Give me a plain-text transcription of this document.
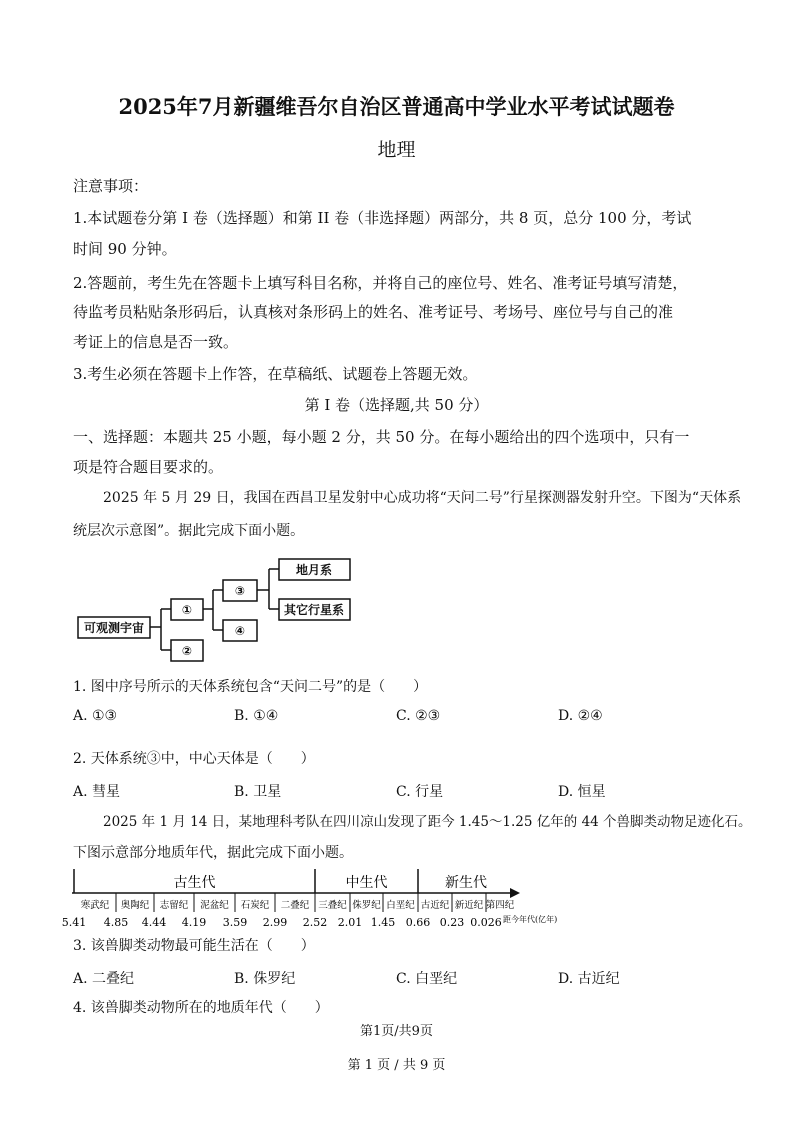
2025年7月新疆维吾尔自治区普通高中学业水平考试试题卷
地理
注意事项：
1.本试题卷分第 I 卷（选择题）和第 II 卷（非选择题）两部分，共 8 页，总分 100 分，考试
时间 90 分钟。
2.答题前，考生先在答题卡上填写科目名称，并将自己的座位号、姓名、准考证号填写清楚，
待监考员粘贴条形码后，认真核对条形码上的姓名、准考证号、考场号、座位号与自己的准
考证上的信息是否一致。
3.考生必须在答题卡上作答，在草稿纸、试题卷上答题无效。
第 I 卷（选择题,共 50 分）
一、选择题：本题共 25 小题，每小题 2 分，共 50 分。在每小题给出的四个选项中，只有一
项是符合题目要求的。
2025 年 5 月 29 日，我国在西昌卫星发射中心成功将“天问二号”行星探测器发射升空。下图为“天体系
统层次示意图”。据此完成下面小题。
可观测宇宙
①
②
③
④
地月系
其它行星系
古生代	中生代	新生代
寒武纪 奥陶纪 志留纪 泥盆纪 石炭纪 二叠纪 三叠纪 侏罗纪 白垩纪 古近纪 新近纪 第四纪
5.41 4.85 4.44 4.19 3.59 2.99 2.52 2.01 1.45 0.66 0.23 0.026 距今年代(亿年)
1. 图中序号所示的天体系统包含“天问二号”的是（　　）
A. ①③	B. ①④	C. ②③	D. ②④
2. 天体系统③中，中心天体是（　　）
A. 彗星	B. 卫星	C. 行星	D. 恒星
2025 年 1 月 14 日，某地理科考队在四川凉山发现了距今 1.45～1.25 亿年的 44 个兽脚类动物足迹化石。
下图示意部分地质年代，据此完成下面小题。
3. 该兽脚类动物最可能生活在（　　）
A. 二叠纪	B. 侏罗纪	C. 白垩纪	D. 古近纪
4. 该兽脚类动物所在的地质年代（　　）
第1页/共9页
第 1 页 / 共 9 页
